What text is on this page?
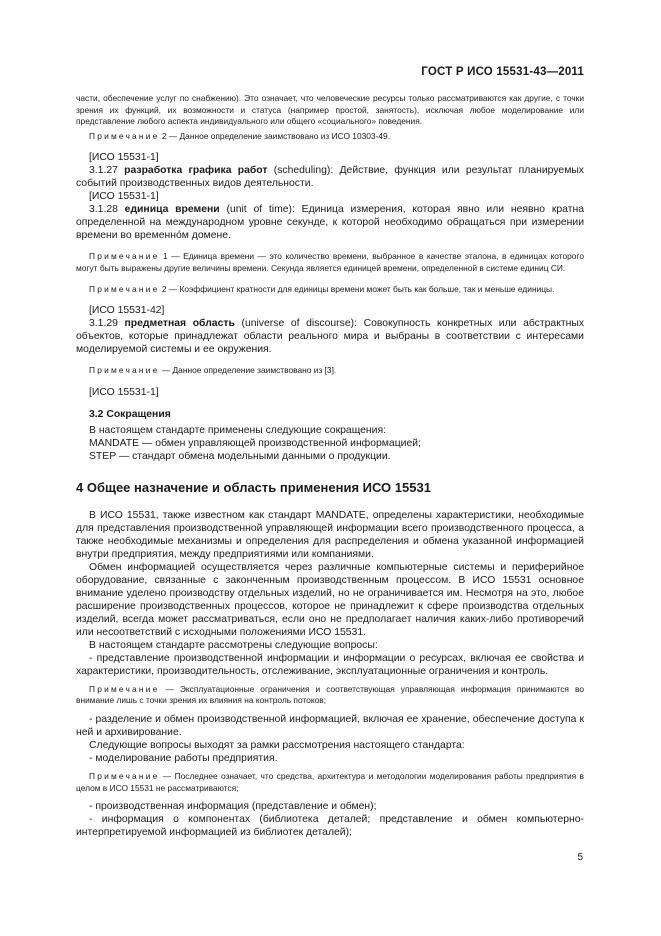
ГОСТ Р ИСО 15531-43—2011

части, обеспечение услуг по снабжению). Это означает, что человеческие ресурсы только рассматриваются как другие, с точки зрения их функций, их возможности и статуса (например простой, занятость), исключая любое моделирование или представление любого аспекта индивидуального или общего «социального» поведения.

Примечание 2 — Данное определение заимствовано из ИСО 10303-49.

[ИСО 15531-1]

3.1.27 разработка графика работ (scheduling): Действие, функция или результат планируемых событий производственных видов деятельности.

[ИСО 15531-1]

3.1.28 единица времени (unit of time): Единица измерения, которая явно или неявно кратна определенной на международном уровне секунде, к которой необходимо обращаться при измерении времени во временно́м домене.

Примечание 1 — Единица времени — это количество времени, выбранное в качестве эталона, в единицах которого могут быть выражены другие величины времени. Секунда является единицей времени, определенной в системе единиц СИ.

Примечание 2 — Коэффициент кратности для единицы времени может быть как больше, так и меньше единицы.

[ИСО 15531-42]

3.1.29 предметная область (universe of discourse): Совокупность конкретных или абстрактных объектов, которые принадлежат области реального мира и выбраны в соответствии с интересами моделируемой системы и ее окружения.

Примечание — Данное определение заимствовано из [3].

[ИСО 15531-1]

3.2 Сокращения

В настоящем стандарте применены следующие сокращения:

MANDATE — обмен управляющей производственной информацией;

STEP — стандарт обмена модельными данными о продукции.

4 Общее назначение и область применения ИСО 15531

В ИСО 15531, также известном как стандарт MANDATE, определены характеристики, необходимые для представления производственной управляющей информации всего производственного процесса, а также необходимые механизмы и определения для распределения и обмена указанной информацией внутри предприятия, между предприятиями или компаниями.

Обмен информацией осуществляется через различные компьютерные системы и периферийное оборудование, связанные с законченным производственным процессом. В ИСО 15531 основное внимание уделено производству отдельных изделий, но не ограничивается им. Несмотря на это, любое расширение производственных процессов, которое не принадлежит к сфере производства отдельных изделий, всегда может рассматриваться, если оно не предполагает наличия каких-либо противоречий или несоответствий с исходными положениями ИСО 15531.

В настоящем стандарте рассмотрены следующие вопросы:

- представление производственной информации и информации о ресурсах, включая ее свойства и характеристики, производительность, отслеживание, эксплуатационные ограничения и контроль.

Примечание — Эксплуатационные ограничения и соответствующая управляющая информация принимаются во внимание лишь с точки зрения их влияния на контроль потоков;

- разделение и обмен производственной информацией, включая ее хранение, обеспечение доступа к ней и архивирование.

Следующие вопросы выходят за рамки рассмотрения настоящего стандарта:

- моделирование работы предприятия.

Примечание — Последнее означает, что средства, архитектура и методологии моделирования работы предприятия в целом в ИСО 15531 не рассматриваются;

- производственная информация (представление и обмен);

- информация о компонентах (библиотека деталей; представление и обмен компьютерно-интерпретируемой информацией из библиотек деталей);

5
